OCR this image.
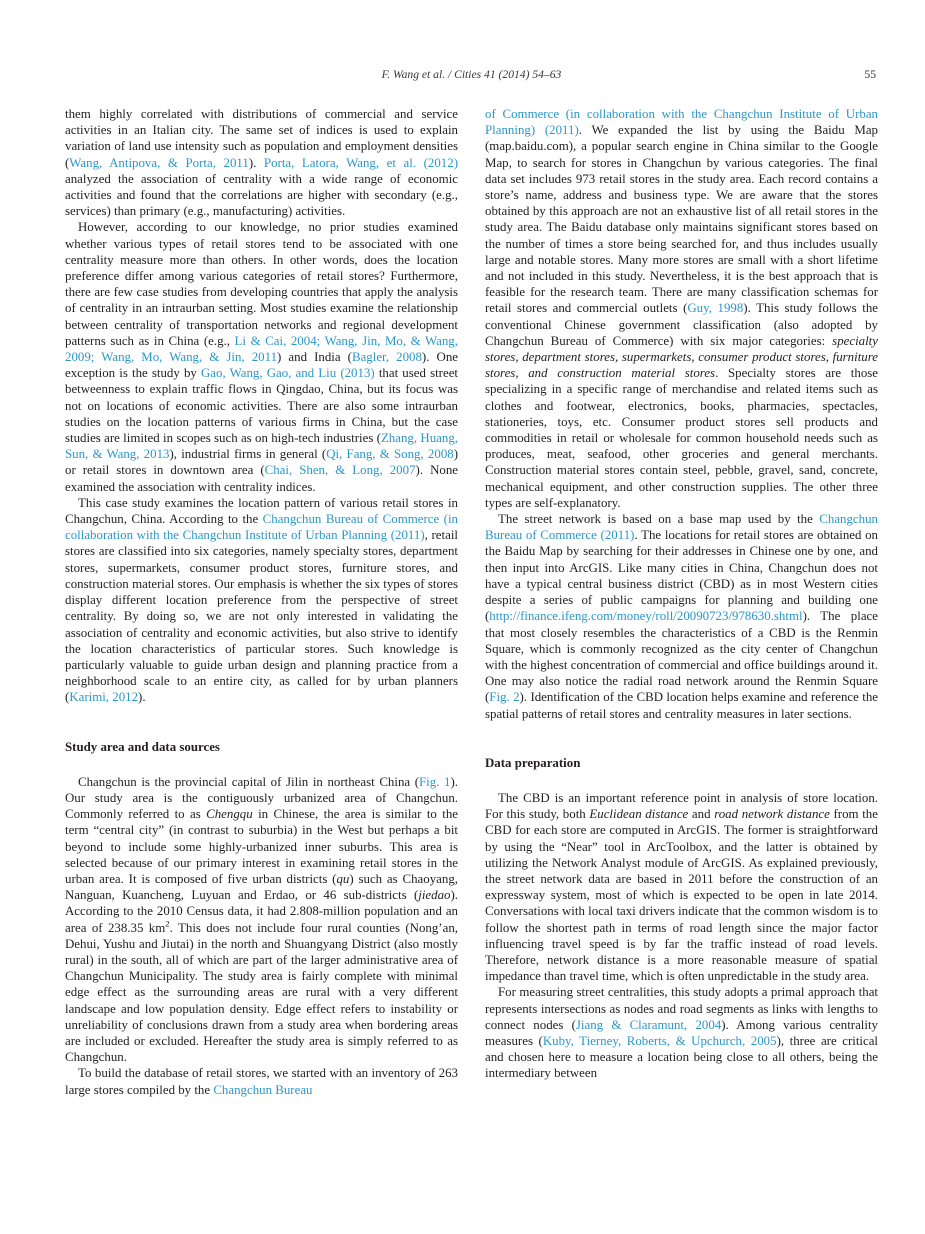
F. Wang et al. / Cities 41 (2014) 54–63	55

them highly correlated with distributions of commercial and service activities in an Italian city. The same set of indices is used to explain variation of land use intensity such as population and employment densities (Wang, Antipova, & Porta, 2011). Porta, Latora, Wang, et al. (2012) analyzed the association of centrality with a wide range of economic activities and found that the correlations are higher with secondary (e.g., services) than primary (e.g., manufacturing) activities.

However, according to our knowledge, no prior studies examined whether various types of retail stores tend to be associated with one centrality measure more than others. In other words, does the location preference differ among various categories of retail stores? Furthermore, there are few case studies from developing countries that apply the analysis of centrality in an intraurban setting. Most studies examine the relationship between centrality of transportation networks and regional development patterns such as in China (e.g., Li & Cai, 2004; Wang, Jin, Mo, & Wang, 2009; Wang, Mo, Wang, & Jin, 2011) and India (Bagler, 2008). One exception is the study by Gao, Wang, Gao, and Liu (2013) that used street betweenness to explain traffic flows in Qingdao, China, but its focus was not on locations of economic activities. There are also some intraurban studies on the location patterns of various firms in China, but the case studies are limited in scopes such as on high-tech industries (Zhang, Huang, Sun, & Wang, 2013), industrial firms in general (Qi, Fang, & Song, 2008) or retail stores in downtown area (Chai, Shen, & Long, 2007). None examined the association with centrality indices.

This case study examines the location pattern of various retail stores in Changchun, China. According to the Changchun Bureau of Commerce (in collaboration with the Changchun Institute of Urban Planning (2011), retail stores are classified into six categories, namely specialty stores, department stores, supermarkets, consumer product stores, furniture stores, and construction material stores. Our emphasis is whether the six types of stores display different location preference from the perspective of street centrality. By doing so, we are not only interested in validating the association of centrality and economic activities, but also strive to identify the location characteristics of particular stores. Such knowledge is particularly valuable to guide urban design and planning practice from a neighborhood scale to an entire city, as called for by urban planners (Karimi, 2012).

Study area and data sources

Changchun is the provincial capital of Jilin in northeast China (Fig. 1). Our study area is the contiguously urbanized area of Changchun. Commonly referred to as Chengqu in Chinese, the area is similar to the term “central city” (in contrast to suburbia) in the West but perhaps a bit beyond to include some highly-urbanized inner suburbs. This area is selected because of our primary interest in examining retail stores in the urban area. It is composed of five urban districts (qu) such as Chaoyang, Nanguan, Kuancheng, Luyuan and Erdao, or 46 sub-districts (jiedao). According to the 2010 Census data, it had 2.808-million population and an area of 238.35 $km^2$. This does not include four rural counties (Nong’an, Dehui, Yushu and Jiutai) in the north and Shuangyang District (also mostly rural) in the south, all of which are part of the larger administrative area of Changchun Municipality. The study area is fairly complete with minimal edge effect as the surrounding areas are rural with a very different landscape and low population density. Edge effect refers to instability or unreliability of conclusions drawn from a study area when bordering areas are included or excluded. Hereafter the study area is simply referred to as Changchun.

To build the database of retail stores, we started with an inventory of 263 large stores compiled by the Changchun Bureau

of Commerce (in collaboration with the Changchun Institute of Urban Planning) (2011). We expanded the list by using the Baidu Map (map.baidu.com), a popular search engine in China similar to the Google Map, to search for stores in Changchun by various categories. The final data set includes 973 retail stores in the study area. Each record contains a store’s name, address and business type. We are aware that the stores obtained by this approach are not an exhaustive list of all retail stores in the study area. The Baidu database only maintains significant stores based on the number of times a store being searched for, and thus includes usually large and notable stores. Many more stores are small with a short lifetime and not included in this study. Nevertheless, it is the best approach that is feasible for the research team. There are many classification schemas for retail stores and commercial outlets (Guy, 1998). This study follows the conventional Chinese government classification (also adopted by Changchun Bureau of Commerce) with six major categories: specialty stores, department stores, supermarkets, consumer product stores, furniture stores, and construction material stores. Specialty stores are those specializing in a specific range of merchandise and related items such as clothes and footwear, electronics, books, pharmacies, spectacles, stationeries, toys, etc. Consumer product stores sell products and commodities in retail or wholesale for common household needs such as produces, meat, seafood, other groceries and general merchants. Construction material stores contain steel, pebble, gravel, sand, concrete, mechanical equipment, and other construction supplies. The other three types are self-explanatory.

The street network is based on a base map used by the Changchun Bureau of Commerce (2011). The locations for retail stores are obtained on the Baidu Map by searching for their addresses in Chinese one by one, and then input into ArcGIS. Like many cities in China, Changchun does not have a typical central business district (CBD) as in most Western cities despite a series of public campaigns for planning and building one (http://finance.ifeng.com/money/roll/20090723/978630.shtml). The place that most closely resembles the characteristics of a CBD is the Renmin Square, which is commonly recognized as the city center of Changchun with the highest concentration of commercial and office buildings around it. One may also notice the radial road network around the Renmin Square (Fig. 2). Identification of the CBD location helps examine and reference the spatial patterns of retail stores and centrality measures in later sections.

Data preparation

The CBD is an important reference point in analysis of store location. For this study, both Euclidean distance and road network distance from the CBD for each store are computed in ArcGIS. The former is straightforward by using the “Near” tool in ArcToolbox, and the latter is obtained by utilizing the Network Analyst module of ArcGIS. As explained previously, the street network data are based in 2011 before the construction of an expressway system, most of which is expected to be open in late 2014. Conversations with local taxi drivers indicate that the common wisdom is to follow the shortest path in terms of road length since the major factor influencing travel speed is by far the traffic instead of road levels. Therefore, network distance is a more reasonable measure of spatial impedance than travel time, which is often unpredictable in the study area.

For measuring street centralities, this study adopts a primal approach that represents intersections as nodes and road segments as links with lengths to connect nodes (Jiang & Claramunt, 2004). Among various centrality measures (Kuby, Tierney, Roberts, & Upchurch, 2005), three are critical and chosen here to measure a location being close to all others, being the intermediary between
